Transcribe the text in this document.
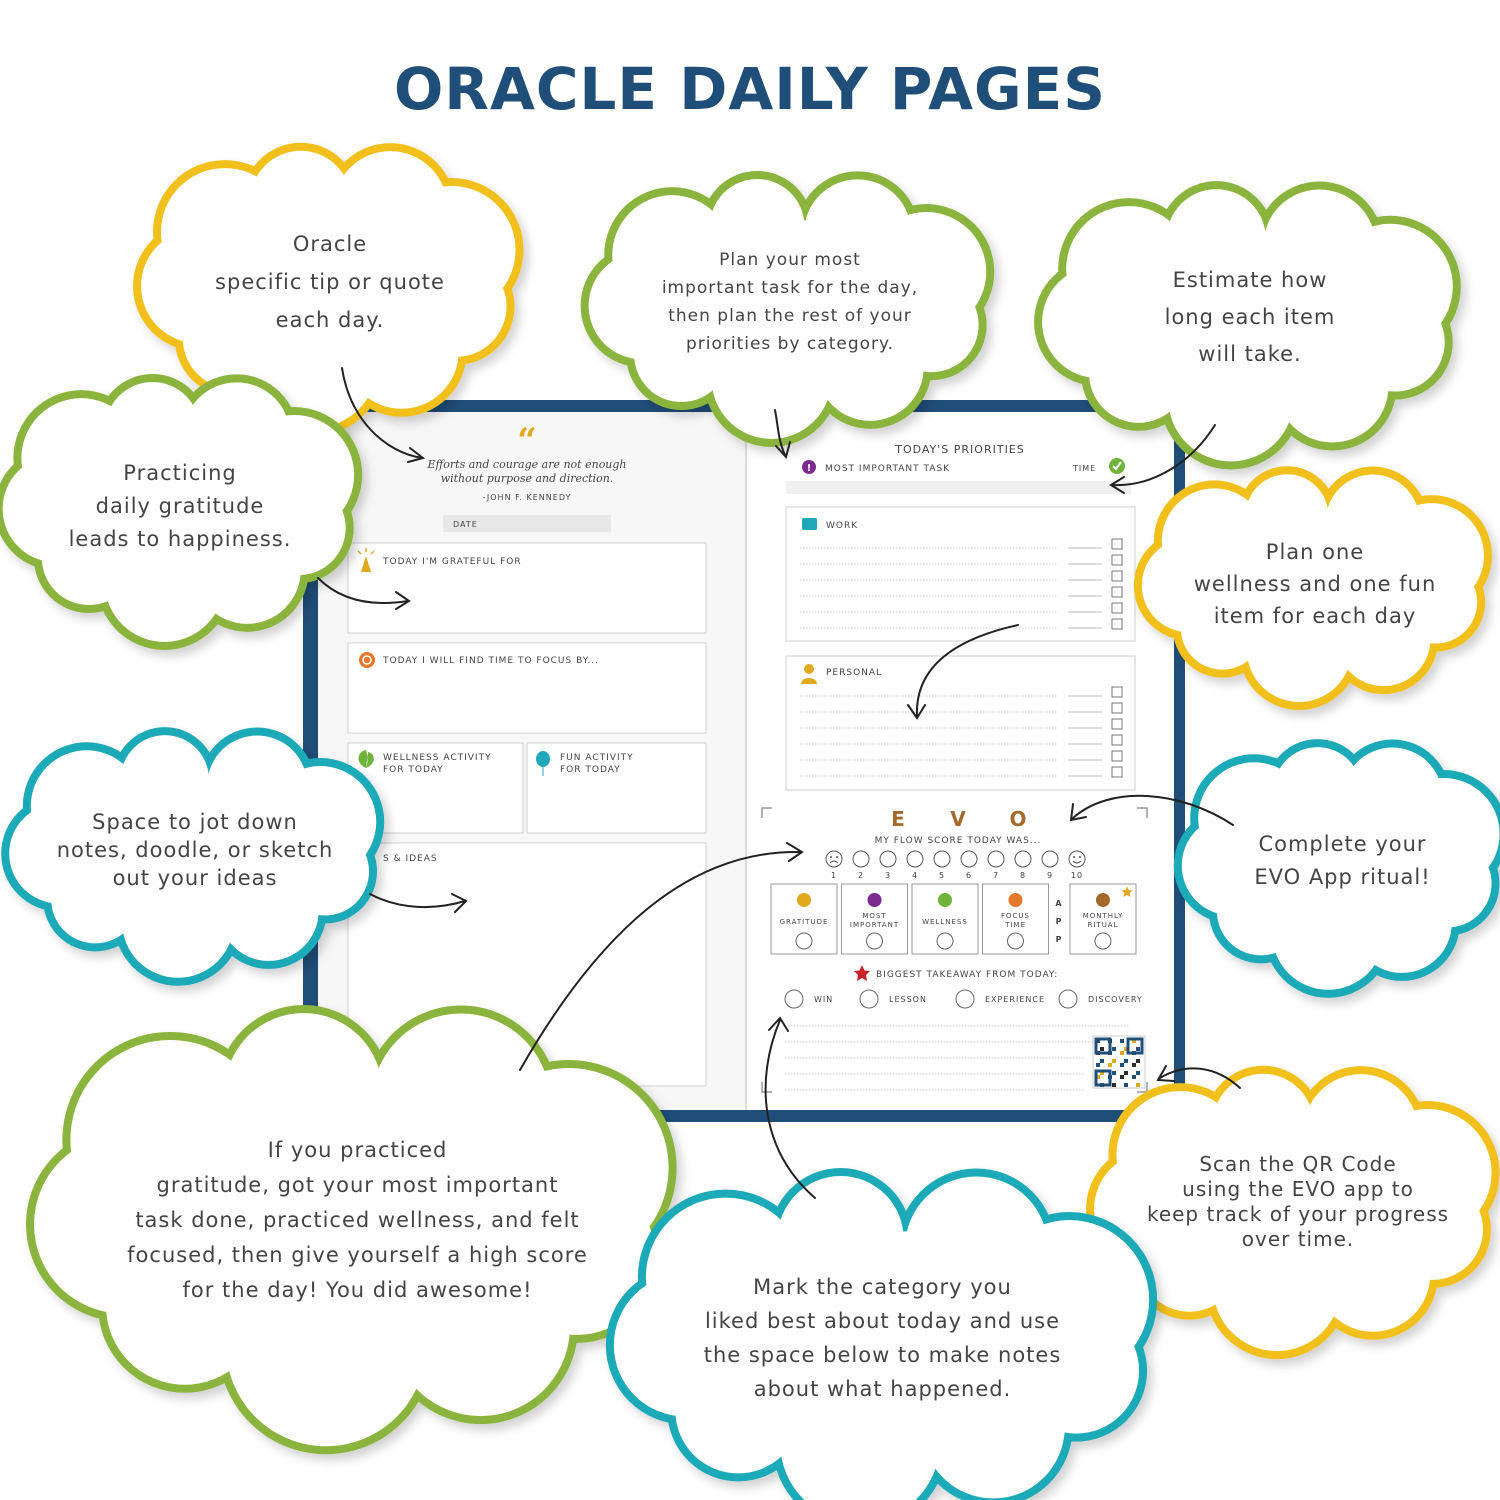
ORACLE DAILY PAGES
“
Efforts and courage are not enough
without purpose and direction.
-JOHN F. KENNEDY
DATE
TODAY I'M GRATEFUL FOR
TODAY I WILL FIND TIME TO FOCUS BY...
WELLNESS ACTIVITY
FOR TODAY
FUN ACTIVITY
FOR TODAY
S & IDEAS
TODAY'S PRIORITIES
! MOST IMPORTANT TASK	TIME
WORK
PERSONAL
E V O
MY FLOW SCORE TODAY WAS...
1	2	3	4	5	6	7	8	9 10
GRATITUDE
MOST
IMPORTANT	WELLNESS
FOCUS
TIME
MONTHLY
RITUAL
A
P
P
BIGGEST TAKEAWAY FROM TODAY:
WIN	LESSON	EXPERIENCE	DISCOVERY
Oracle
specific tip or quote
each day.
Plan your most
important task for the day,
then plan the rest of your
priorities by category.
Estimate how
long each item
will take.
Practicing
daily gratitude
leads to happiness.
Plan one
wellness and one fun
item for each day
Space to jot down
notes, doodle, or sketch
out your ideas
Complete your
EVO App ritual!
If you practiced
gratitude, got your most important
task done, practiced wellness, and felt
focused, then give yourself a high score
for the day! You did awesome!
Scan the QR Code
using the EVO app to
keep track of your progress
over time.
Mark the category you
liked best about today and use
the space below to make notes
about what happened.
